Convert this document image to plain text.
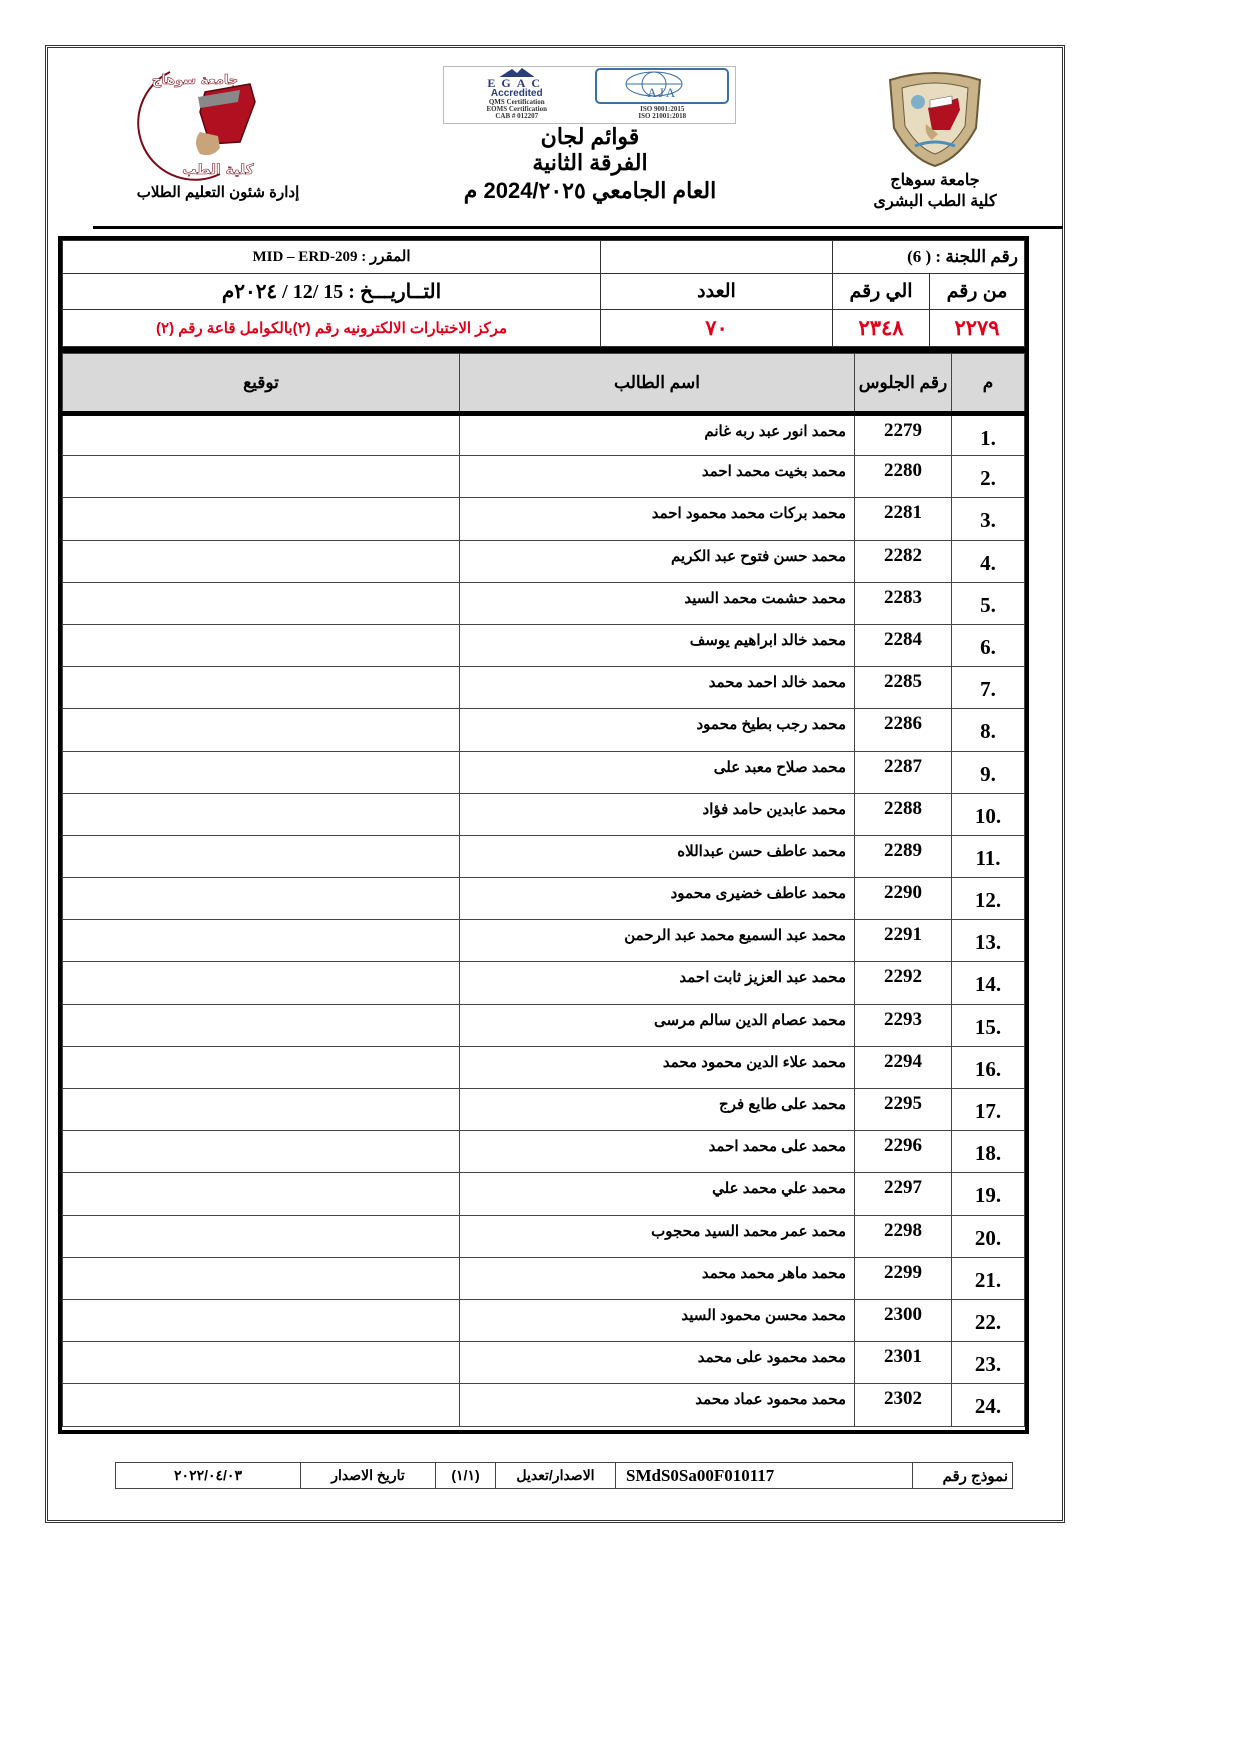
جامعة سوهاج
كلية الطب
إدارة شئون التعليم الطلاب
EGAC
Accredited
QMS Certification
EOMS Certification
CAB # 012207
AJA
ISO 9001:2015
ISO 21001:2018
قوائم لجان
الفرقة الثانية
العام الجامعي 2024/٢٠٢٥ م	جامعة سوهاج
كلية الطب البشرى
رقم اللجنة : ( 6)			المقرر : MID – ERD-209
من رقم	الي رقم	العدد	التــاريـــخ : 15 /12 / ٢٠٢٤م
٢٢٧٩	٢٣٤٨	٧٠	مركز الاختبارات الالكترونيه رقم (٢)بالكوامل قاعة رقم (٢)
م	رقم الجلوس	اسم الطالب	توقيع
1.	2279	محمد انور عبد ربه غانم	
2.	2280	محمد بخيت محمد احمد	
3.	2281	محمد بركات محمد محمود احمد	
4.	2282	محمد حسن فتوح عبد الكريم	
5.	2283	محمد حشمت محمد السيد	
6.	2284	محمد خالد ابراهيم يوسف	
7.	2285	محمد خالد احمد محمد	
8.	2286	محمد رجب بطيخ محمود	
9.	2287	محمد صلاح معبد على	
10.	2288	محمد عابدين حامد فؤاد	
11.	2289	محمد عاطف حسن عبداللاه	
12.	2290	محمد عاطف خضيرى محمود	
13.	2291	محمد عبد السميع محمد عبد الرحمن	
14.	2292	محمد عبد العزيز ثابت احمد	
15.	2293	محمد عصام الدين سالم مرسى	
16.	2294	محمد علاء الدين محمود محمد	
17.	2295	محمد على طايع فرج	
18.	2296	محمد على محمد احمد	
19.	2297	محمد علي محمد علي	
20.	2298	محمد عمر محمد السيد محجوب	
21.	2299	محمد ماهر محمد محمد	
22.	2300	محمد محسن محمود السيد	
23.	2301	محمد محمود على محمد	
24.	2302	محمد محمود عماد محمد	
نموذج رقم	SMdS0Sa00F010117	الاصدار/تعديل	(١/١)	تاريخ الاصدار	٢٠٢٢/٠٤/٠٣
